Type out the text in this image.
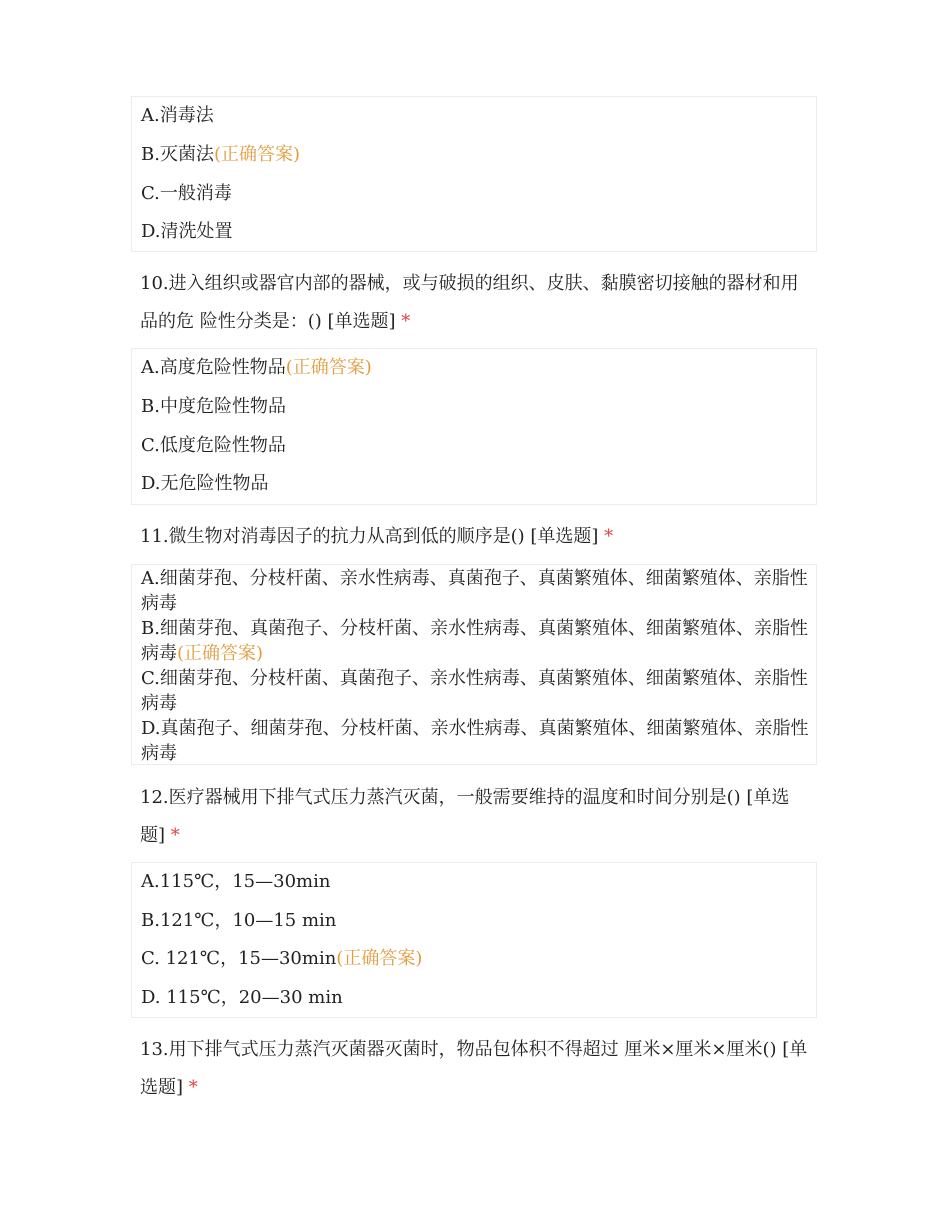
A.消毒法
B.灭菌法(正确答案)
C.一般消毒
D.清洗处置
10.进入组织或器官内部的器械，或与破损的组织、皮肤、黏膜密切接触的器材和用品的危 险性分类是：() [单选题] *
A.高度危险性物品(正确答案)
B.中度危险性物品
C.低度危险性物品
D.无危险性物品
11.微生物对消毒因子的抗力从高到低的顺序是() [单选题] *
A.细菌芽孢、分枝杆菌、亲水性病毒、真菌孢子、真菌繁殖体、细菌繁殖体、亲脂性病毒
B.细菌芽孢、真菌孢子、分枝杆菌、亲水性病毒、真菌繁殖体、细菌繁殖体、亲脂性病毒(正确答案)
C.细菌芽孢、分枝杆菌、真菌孢子、亲水性病毒、真菌繁殖体、细菌繁殖体、亲脂性病毒
D.真菌孢子、细菌芽孢、分枝杆菌、亲水性病毒、真菌繁殖体、细菌繁殖体、亲脂性病毒
12.医疗器械用下排气式压力蒸汽灭菌，一般需要维持的温度和时间分别是() [单选题] *
A.115℃，15—30min
B.121℃，10—15 min
C. 121℃，15—30min(正确答案)
D. 115℃，20—30 min
13.用下排气式压力蒸汽灭菌器灭菌时，物品包体积不得超过 厘米×厘米×厘米() [单选题] *
